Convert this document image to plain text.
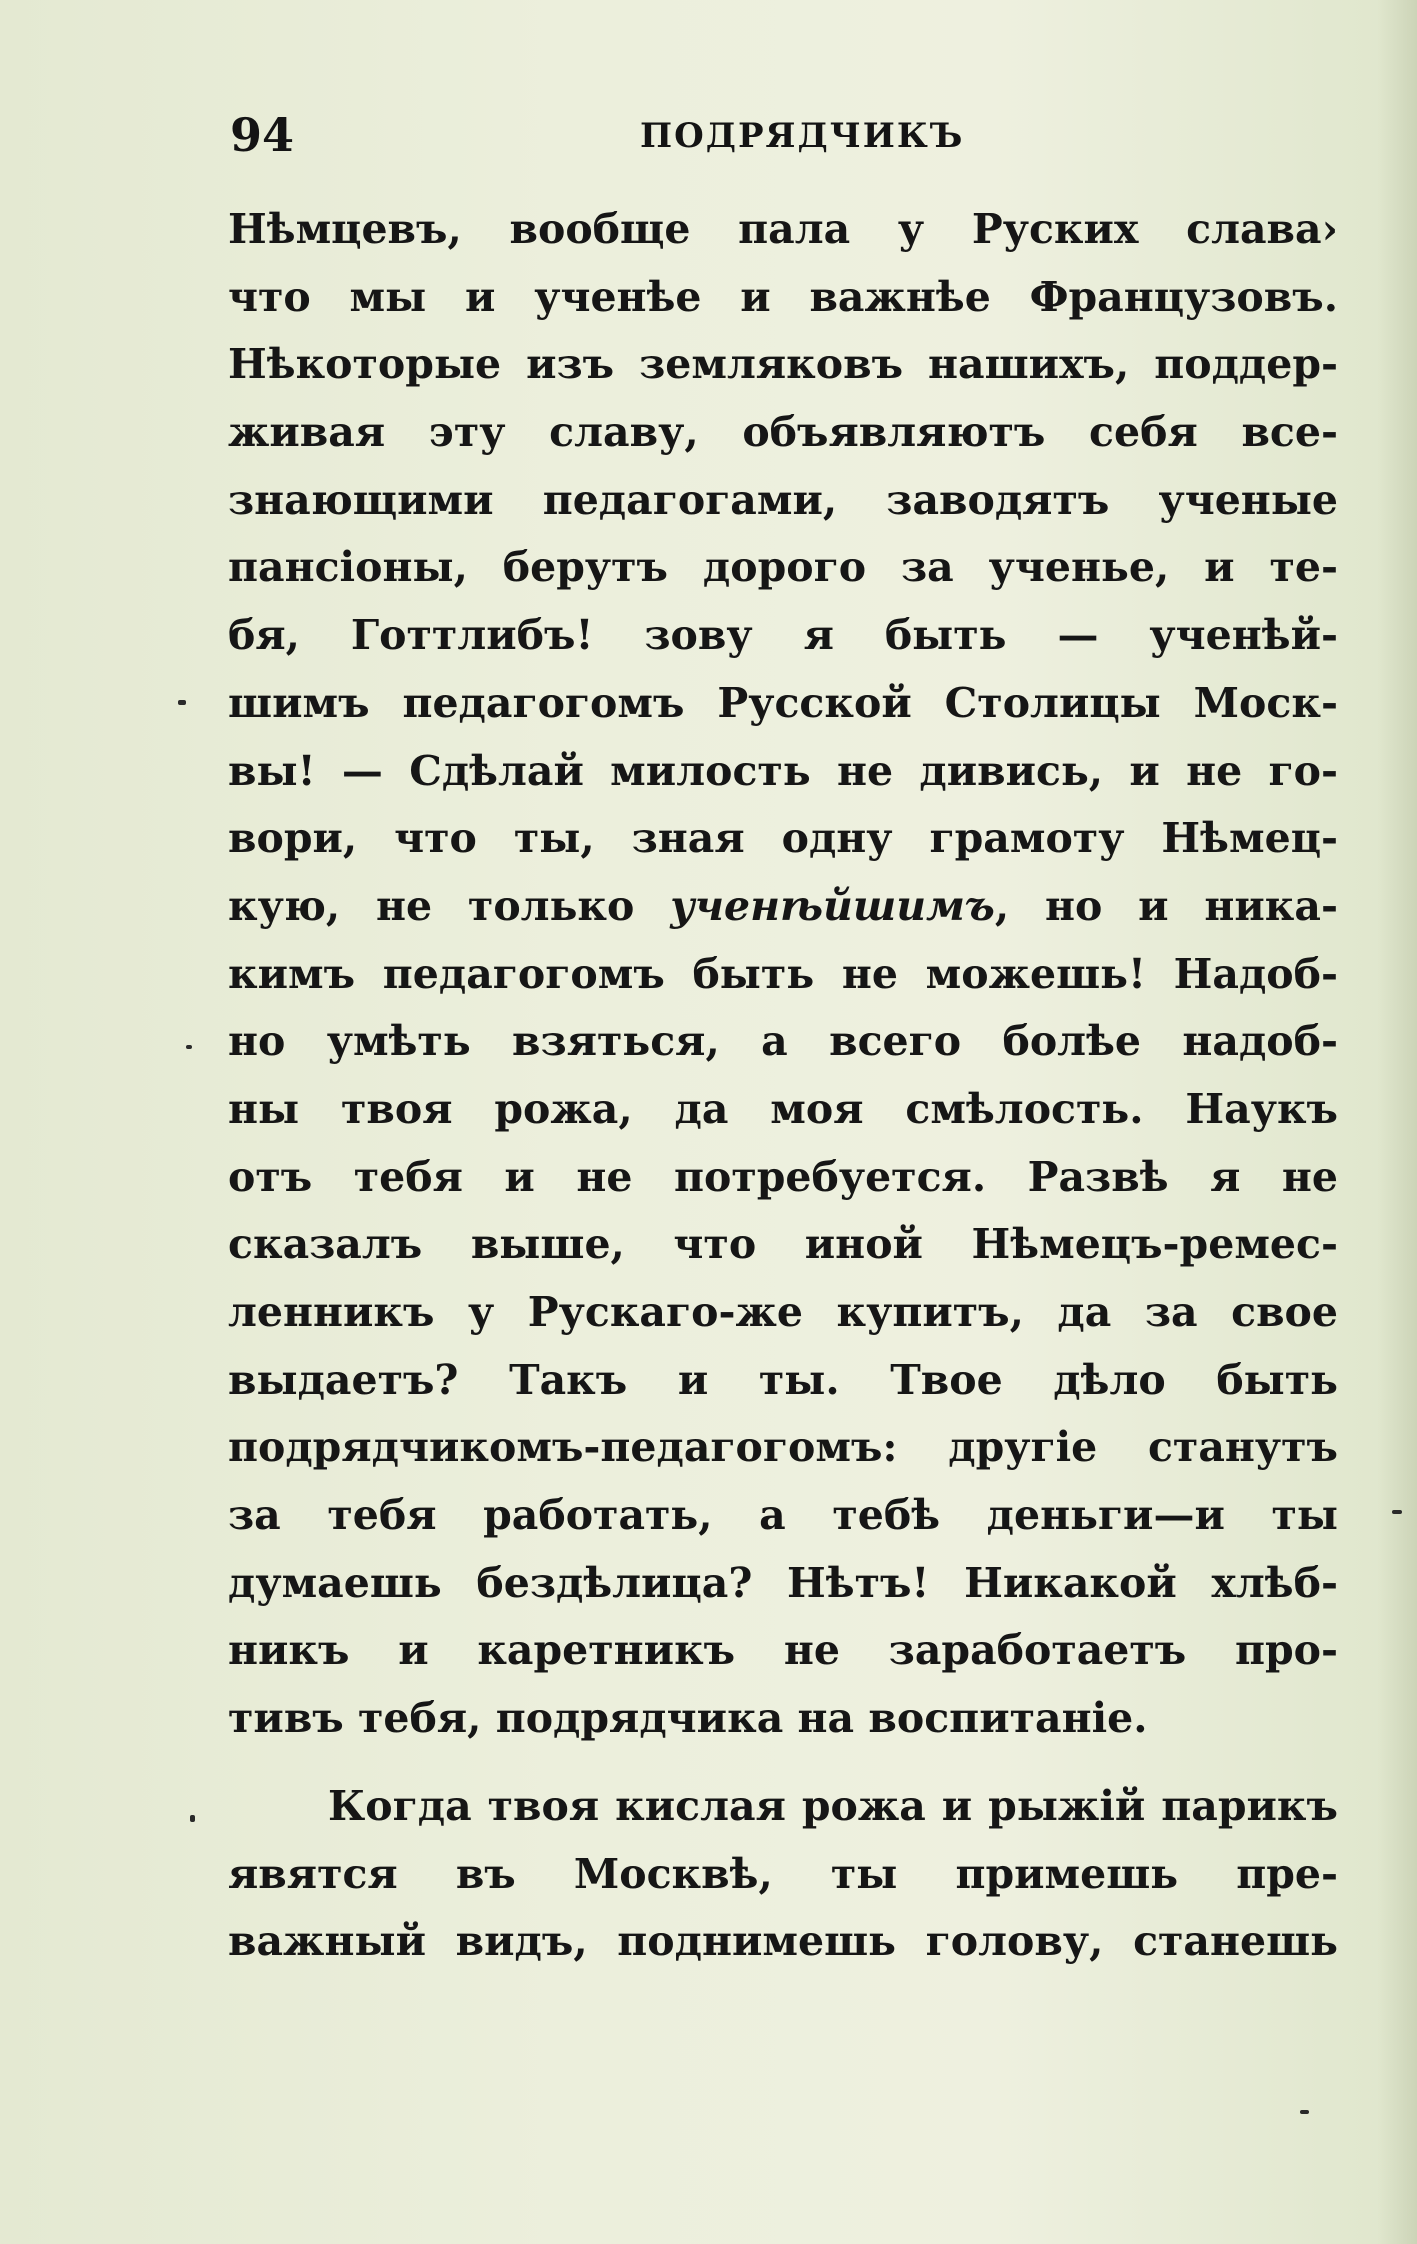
94	ПОДРЯДЧИКЪ
Нѣмцевъ, вообще пала у Руских слава›
что мы и ученѣе и важнѣе Французовъ.
Нѣкоторые изъ земляковъ нашихъ, поддер-
живая эту славу, объявляютъ себя все-
знающими педагогами, заводятъ ученые
пансіоны, берутъ дорого за ученье, и те-
бя, Готтлибъ! зову я быть — ученѣй-
шимъ педагогомъ Русской Столицы Моск-
вы! — Сдѣлай милость не дивись, и не го-
вори, что ты, зная одну грамоту Нѣмец-
кую, не только ученѣйшимъ, но и ника-
кимъ педагогомъ быть не можешь! Надоб-
но умѣть взяться, а всего болѣе надоб-
ны твоя рожа, да моя смѣлость. Наукъ
отъ тебя и не потребуется. Развѣ я не
сказалъ выше, что иной Нѣмецъ-ремес-
ленникъ у Рускаго-же купитъ, да за свое
выдаетъ? Такъ и ты. Твое дѣло быть
подрядчикомъ-педагогомъ: другіе станутъ
за тебя работать, а тебѣ деньги—и ты
думаешь бездѣлица? Нѣтъ! Никакой хлѣб-
никъ и каретникъ не заработаетъ про-
тивъ тебя, подрядчика на воспитаніе.
Когда твоя кислая рожа и рыжій парикъ
явятся въ Москвѣ, ты примешь пре-
важный видъ, поднимешь голову, станешь
